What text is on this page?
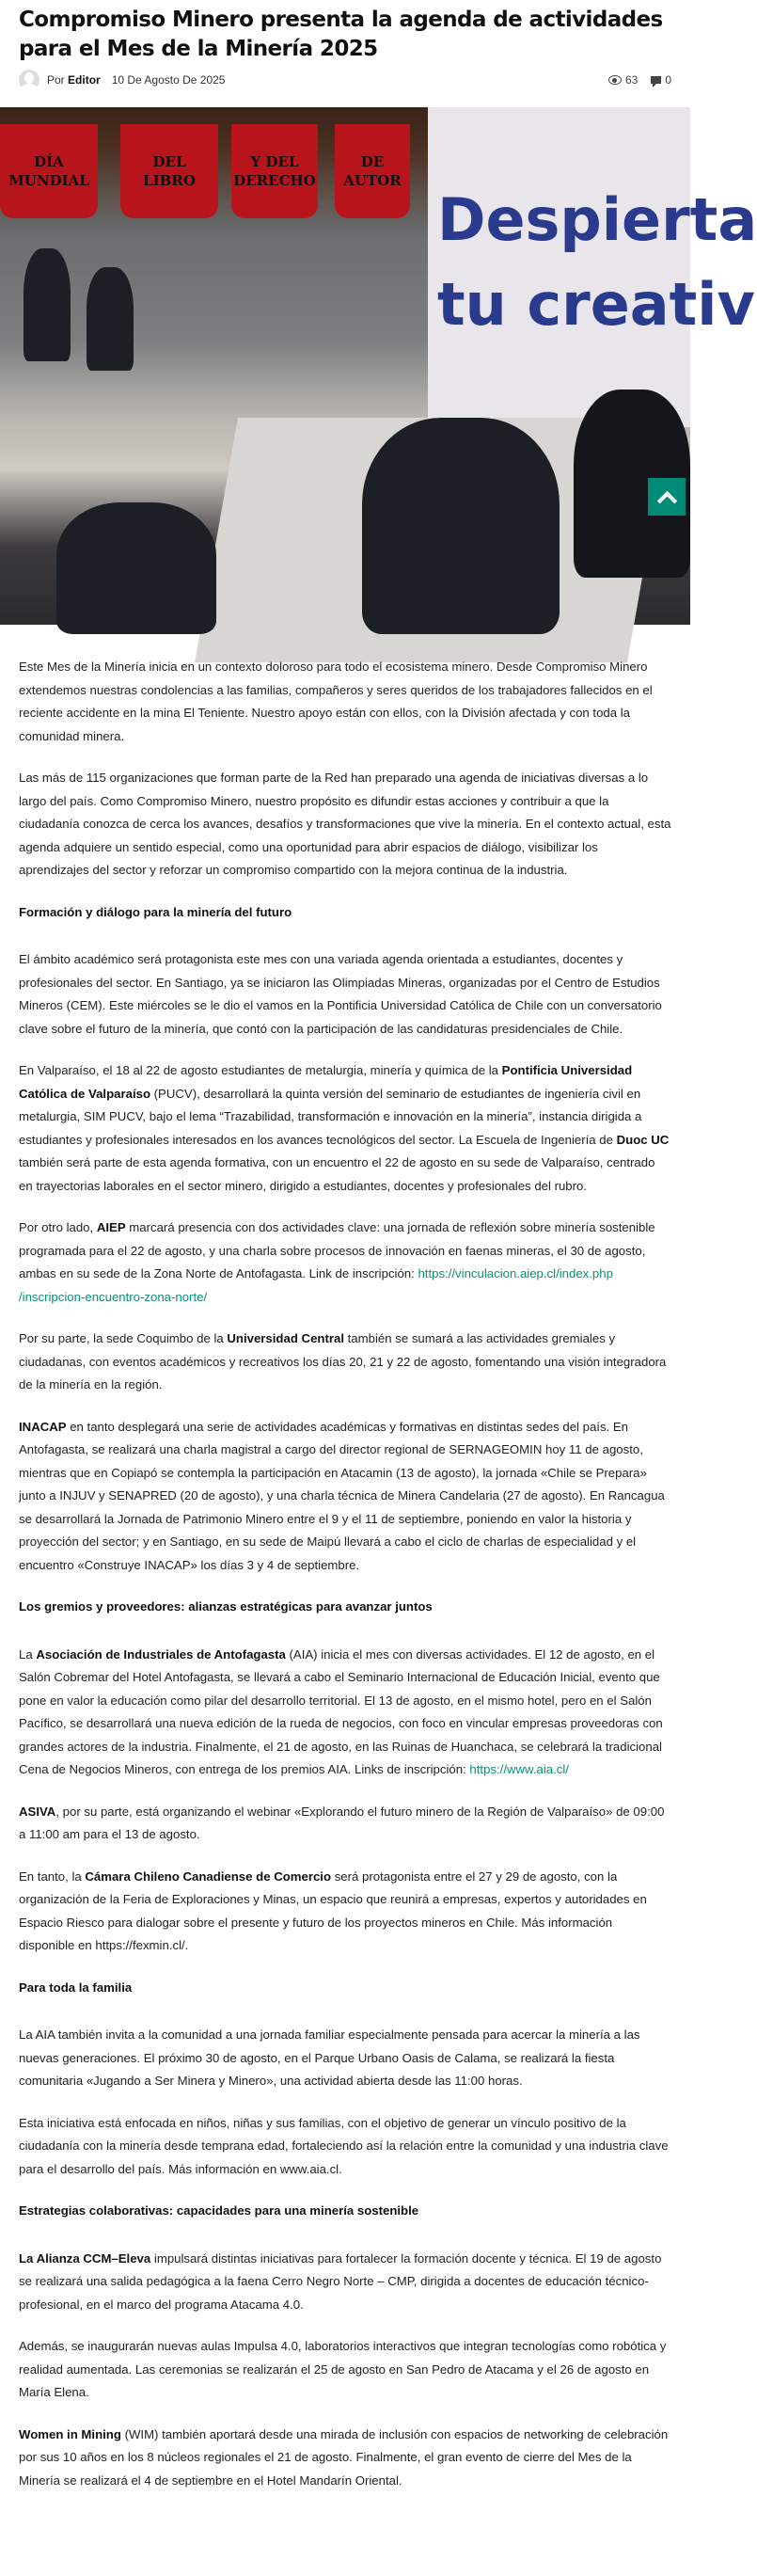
Compromiso Minero presenta la agenda de actividades para el Mes de la Minería 2025
Por Editor 10 De Agosto De 2025	63 0
Despierta
tu creativ
DÍA
MUNDIAL
DEL
LIBRO
Y DEL
DERECHO
DE
AUTOR

Este Mes de la Minería inicia en un contexto doloroso para todo el ecosistema minero. Desde Compromiso Minero extendemos nuestras condolencias a las familias, compañeros y seres queridos de los trabajadores fallecidos en el reciente accidente en la mina El Teniente. Nuestro apoyo están con ellos, con la División afectada y con toda la comunidad minera.

Las más de 115 organizaciones que forman parte de la Red han preparado una agenda de iniciativas diversas a lo largo del país. Como Compromiso Minero, nuestro propósito es difundir estas acciones y contribuir a que la ciudadanía conozca de cerca los avances, desafíos y transformaciones que vive la minería. En el contexto actual, esta agenda adquiere un sentido especial, como una oportunidad para abrir espacios de diálogo, visibilizar los aprendizajes del sector y reforzar un compromiso compartido con la mejora continua de la industria.

Formación y diálogo para la minería del futuro

El ámbito académico será protagonista este mes con una variada agenda orientada a estudiantes, docentes y profesionales del sector. En Santiago, ya se iniciaron las Olimpiadas Mineras, organizadas por el Centro de Estudios Mineros (CEM). Este miércoles se le dio el vamos en la Pontificia Universidad Católica de Chile con un conversatorio clave sobre el futuro de la minería, que contó con la participación de las candidaturas presidenciales de Chile.

En Valparaíso, el 18 al 22 de agosto estudiantes de metalurgia, minería y química de la Pontificia Universidad Católica de Valparaíso (PUCV), desarrollará la quinta versión del seminario de estudiantes de ingeniería civil en metalurgia, SIM PUCV, bajo el lema “Trazabilidad, transformación e innovación en la minería”, instancia dirigida a estudiantes y profesionales interesados en los avances tecnológicos del sector. La Escuela de Ingeniería de Duoc UC también será parte de esta agenda formativa, con un encuentro el 22 de agosto en su sede de Valparaíso, centrado en trayectorias laborales en el sector minero, dirigido a estudiantes, docentes y profesionales del rubro.

Por otro lado, AIEP marcará presencia con dos actividades clave: una jornada de reflexión sobre minería sostenible programada para el 22 de agosto, y una charla sobre procesos de innovación en faenas mineras, el 30 de agosto, ambas en su sede de la Zona Norte de Antofagasta. Link de inscripción: https://vinculacion.aiep.cl/index.php /inscripcion-encuentro-zona-norte/

Por su parte, la sede Coquimbo de la Universidad Central también se sumará a las actividades gremiales y ciudadanas, con eventos académicos y recreativos los días 20, 21 y 22 de agosto, fomentando una visión integradora de la minería en la región.

INACAP en tanto desplegará una serie de actividades académicas y formativas en distintas sedes del país. En Antofagasta, se realizará una charla magistral a cargo del director regional de SERNAGEOMIN hoy 11 de agosto, mientras que en Copiapó se contempla la participación en Atacamin (13 de agosto), la jornada «Chile se Prepara» junto a INJUV y SENAPRED (20 de agosto), y una charla técnica de Minera Candelaria (27 de agosto). En Rancagua se desarrollará la Jornada de Patrimonio Minero entre el 9 y el 11 de septiembre, poniendo en valor la historia y proyección del sector; y en Santiago, en su sede de Maipú llevará a cabo el ciclo de charlas de especialidad y el encuentro «Construye INACAP» los días 3 y 4 de septiembre.

Los gremios y proveedores: alianzas estratégicas para avanzar juntos

La Asociación de Industriales de Antofagasta (AIA) inicia el mes con diversas actividades. El 12 de agosto, en el Salón Cobremar del Hotel Antofagasta, se llevará a cabo el Seminario Internacional de Educación Inicial, evento que pone en valor la educación como pilar del desarrollo territorial. El 13 de agosto, en el mismo hotel, pero en el Salón Pacífico, se desarrollará una nueva edición de la rueda de negocios, con foco en vincular empresas proveedoras con grandes actores de la industria. Finalmente, el 21 de agosto, en las Ruinas de Huanchaca, se celebrará la tradicional Cena de Negocios Mineros, con entrega de los premios AIA. Links de inscripción: https://www.aia.cl/

ASIVA, por su parte, está organizando el webinar «Explorando el futuro minero de la Región de Valparaíso» de 09:00 a 11:00 am para el 13 de agosto.

En tanto, la Cámara Chileno Canadiense de Comercio será protagonista entre el 27 y 29 de agosto, con la organización de la Feria de Exploraciones y Minas, un espacio que reunirá a empresas, expertos y autoridades en Espacio Riesco para dialogar sobre el presente y futuro de los proyectos mineros en Chile. Más información disponible en https://fexmin.cl/.

Para toda la familia

La AIA también invita a la comunidad a una jornada familiar especialmente pensada para acercar la minería a las nuevas generaciones. El próximo 30 de agosto, en el Parque Urbano Oasis de Calama, se realizará la fiesta comunitaria «Jugando a Ser Minera y Minero», una actividad abierta desde las 11:00 horas.

Esta iniciativa está enfocada en niños, niñas y sus familias, con el objetivo de generar un vínculo positivo de la ciudadanía con la minería desde temprana edad, fortaleciendo así la relación entre la comunidad y una industria clave para el desarrollo del país. Más información en www.aia.cl.

Estrategias colaborativas: capacidades para una minería sostenible

La Alianza CCM–Eleva impulsará distintas iniciativas para fortalecer la formación docente y técnica. El 19 de agosto se realizará una salida pedagógica a la faena Cerro Negro Norte – CMP, dirigida a docentes de educación técnico-profesional, en el marco del programa Atacama 4.0.

Además, se inaugurarán nuevas aulas Impulsa 4.0, laboratorios interactivos que integran tecnologías como robótica y realidad aumentada. Las ceremonias se realizarán el 25 de agosto en San Pedro de Atacama y el 26 de agosto en María Elena.

Women in Mining (WIM) también aportará desde una mirada de inclusión con espacios de networking de celebración por sus 10 años en los 8 núcleos regionales el 21 de agosto. Finalmente, el gran evento de cierre del Mes de la Minería se realizará el 4 de septiembre en el Hotel Mandarín Oriental.
